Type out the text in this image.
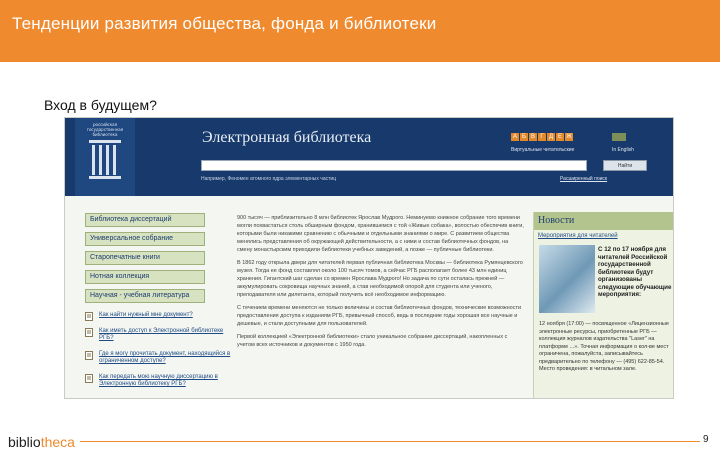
Тенденции развития общества, фонда и библиотеки
Вход в будущем?
российская государственная библиотека	Электронная библиотека	А Б В Г Д Е Ж
Виртуальные читательские	In English
Найти
Например, Феномен атомного ядра элементарных частиц	Расширенный поиск
Библиотека диссертаций
Универсальное собрание
Старопечатные книги
Нотная коллекция
Научная - учебная литература
Как найти нужный мне документ?
Как иметь доступ к Электронной библиотеке РГБ?
Где я могу прочитать документ, находящийся в ограниченном доступе?
Как передать мою научную диссертацию в Электронную библиотеку РГБ?

900 тысяч — приблизительно 8 млн библиотек Ярослав Мудрого. Неминуемо книжное собрание того времени могли похвастаться столь обширным фондом, хранившемся с той «Живые собака», волостью обеспечив книги, которыми были никакими сравнению с обычными и отдельными знаниями о мире. С развитием общества менялись представления об окружающей действительности, а с ними и состав библиотечных фондов, на смену монастырским приходили библиотеки учебных заведений, а позже — публичные библиотеки.

В 1862 году открыла двери для читателей первая публичная библиотека Москвы — библиотека Румянцевского музея. Тогда ее фонд составлял около 100 тысяч томов, а сейчас РГБ располагает более 43 млн единиц хранения. Гигантский шаг сделан со времен Ярослава Мудрого! Но задача по сути осталась прежней — аккумулировать сокровища научных знаний, а став необходимой опорой для студента или ученого, преподавателя или дилетанта, который получить всё необходимое информацию.

С течением времени меняются не только величины и состав библиотечных фондов, технические возможности предоставления доступа к изданиям РГБ, привычный способ, ведь в последние годы хорошая все научные и дешевые, и стали доступными для пользователей.

Первой коллекцией «Электронной библиотеки» стало уникальное собрание диссертаций, накопленных с учетом всех источников и документов с 1950 года.

Новости
Мероприятия для читателей
С 12 по 17 ноября для читателей Российской государственной библиотеки будут организованы следующие обучающие мероприятия:
12 ноября (17:00) — посвященное «Лицензионные электронные ресурсы, приобретенные РГБ — коллекция журналов издательства "Laser" на платформе ...». Точная информация о кол-ве мест ограничена, пожалуйста, записывайтесь предварительно по телефону — (495) 622-85-54. Место проведения: в читальном зале.
bibliotheca	9
